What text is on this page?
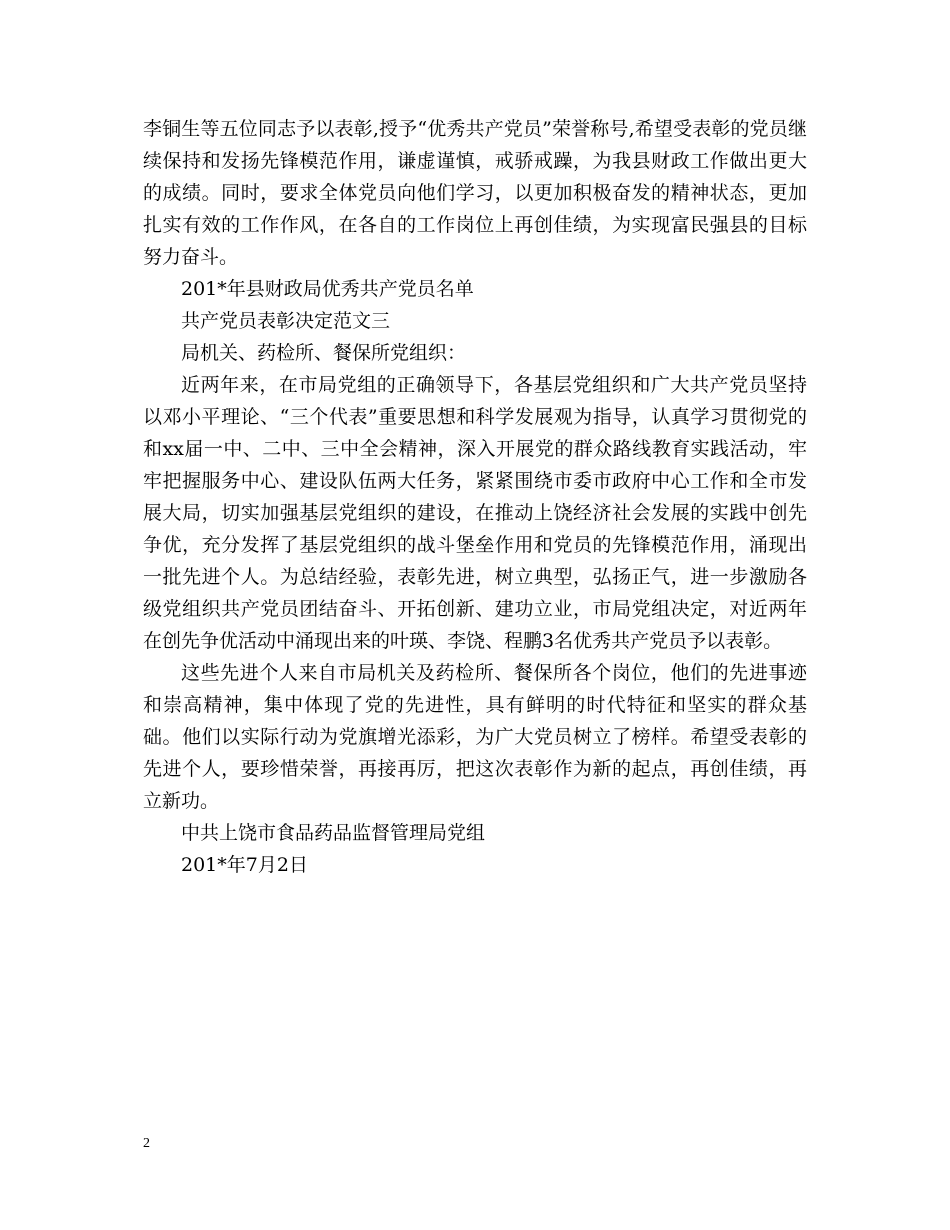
李铜生等五位同志予以表彰,授予“优秀共产党员”荣誉称号,希望受表彰的党员继续保持和发扬先锋模范作用，谦虚谨慎，戒骄戒躁，为我县财政工作做出更大的成绩。同时，要求全体党员向他们学习，以更加积极奋发的精神状态，更加扎实有效的工作作风，在各自的工作岗位上再创佳绩，为实现富民强县的目标努力奋斗。

201*年县财政局优秀共产党员名单

共产党员表彰决定范文三

局机关、药检所、餐保所党组织：

近两年来，在市局党组的正确领导下，各基层党组织和广大共产党员坚持以邓小平理论、“三个代表”重要思想和科学发展观为指导，认真学习贯彻党的和xx届一中、二中、三中全会精神，深入开展党的群众路线教育实践活动，牢牢把握服务中心、建设队伍两大任务，紧紧围绕市委市政府中心工作和全市发展大局，切实加强基层党组织的建设，在推动上饶经济社会发展的实践中创先争优，充分发挥了基层党组织的战斗堡垒作用和党员的先锋模范作用，涌现出一批先进个人。为总结经验，表彰先进，树立典型，弘扬正气，进一步激励各级党组织共产党员团结奋斗、开拓创新、建功立业，市局党组决定，对近两年在创先争优活动中涌现出来的叶瑛、李饶、程鹏3名优秀共产党员予以表彰。

这些先进个人来自市局机关及药检所、餐保所各个岗位，他们的先进事迹和崇高精神，集中体现了党的先进性，具有鲜明的时代特征和坚实的群众基础。他们以实际行动为党旗增光添彩，为广大党员树立了榜样。希望受表彰的先进个人，要珍惜荣誉，再接再厉，把这次表彰作为新的起点，再创佳绩，再立新功。

中共上饶市食品药品监督管理局党组

201*年7月2日

2
